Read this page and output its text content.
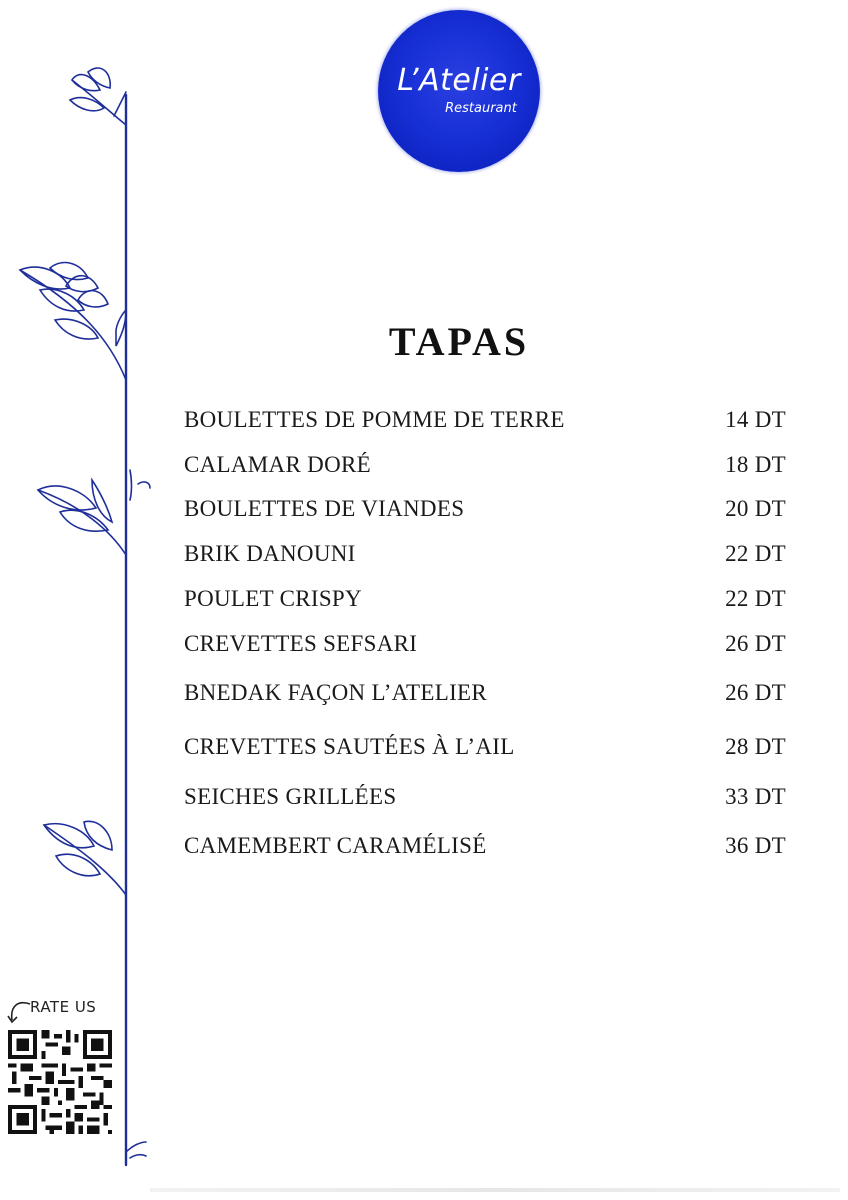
L’Atelier
Restaurant
TAPAS
BOULETTES DE POMME DE TERRE	14 DT
CALAMAR DORÉ	18 DT
BOULETTES DE VIANDES	20 DT
BRIK DANOUNI	22 DT
POULET CRISPY	22 DT
CREVETTES SEFSARI	26 DT
BNEDAK FAÇON L’ATELIER	26 DT
CREVETTES SAUTÉES À L’AIL	28 DT
SEICHES GRILLÉES	33 DT
CAMEMBERT CARAMÉLISÉ	36 DT
RATE US
